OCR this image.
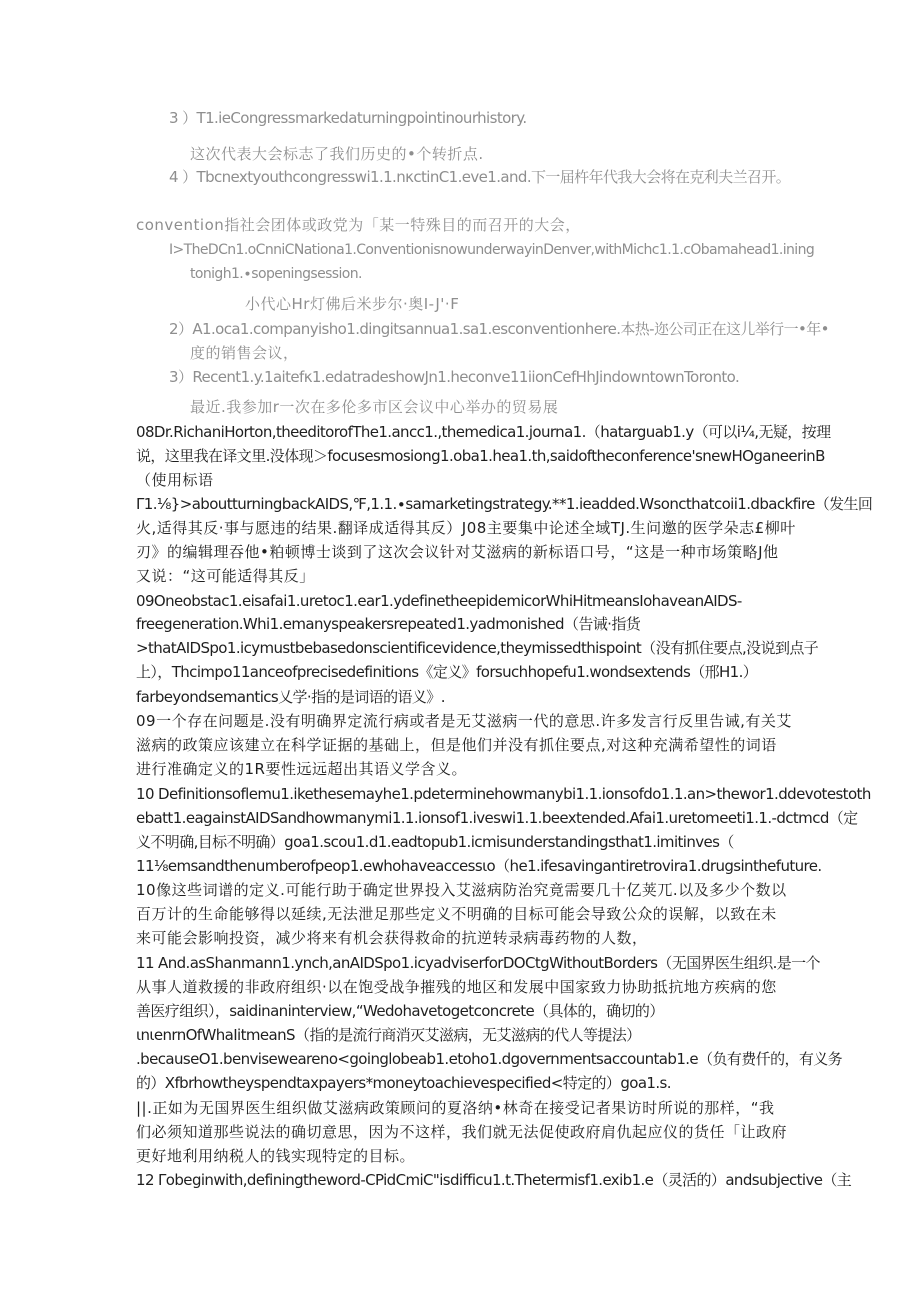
3 ）T1.ieCongressmarkedaturningpointinourhistory.
这次代表大会标志了我们历史的•个转折点.
4 ）Tbcnextyouthcongresswi1.1.nκctinC1.eve1.and.下一届杵年代我大会将在克利夫兰召开。
convention指社会团体或政党为「某一特殊目的而召开的大会，
I>TheDCn1.oCnniCNationa1.ConventionisnowunderwayinDenver,withMichc1.1.cObamahead1.ining
tonigh1.∙sopeningsession.
小代心Hr灯佛后米步尔·奥I-J'·F
2）A1.oca1.companyisho1.dingitsannua1.sa1.esconventionhere.本热-迩公司正在这儿举行一•年•
度的销售会议，
3）Recent1.y.1aitefκ1.edatradeshowJn1.heconve11iionCefHhJindowntownToronto.
最近.我参加r一次在多伦多市区会议中心举办的贸易展
08Dr.RichaniHorton,theeditorofThe1.ancc1.,themedica1.journa1.（hatarguab1.y（可以i¼,无疑，按理
说，这里我在译文里.没体现＞focusesmosiong1.oba1.hea1.th,saidoftheconference'snewHOganeerinB
（使用标语
Γ1.⅛}>aboutturningbackAIDS,℉,1.1.∙samarketingstrategy.**1.ieadded.Wsoncthatcoii1.dbackfire（发生回
火,适得其反·事与愿违的结果.翻译成适得其反）J08主要集中论述全域TJ.生问邀的医学朵志£柳叶
刃》的编辑理吞他•粕顿博士谈到了这次会议针对艾滋病的新标语口号，“这是一种市场策略J他
又说：“这可能适得其反」
09Oneobstac1.eisafai1.uretoc1.ear1.ydefinetheepidemicorWhiHitmeansIohaveanAIDS-
freegeneration.Whi1.emanyspeakersrepeated1.yadmonished（告诫·指货
>thatAIDSpo1.icymustbebasedonscientificevidence,theymissedthispoint（没有抓住要点,没说到点子
上），Thcimpo11anceofprecisedefinitions《定义》forsuchhopefu1.wondsextends（邢H1.）
farbeyondsemantics乂学·指的是词语的语义》.
09一个存在问题是.没有明确界定流行病或者是无艾滋病一代的意思.许多发言行反里告诫,有关艾
滋病的政策应该建立在科学证据的基础上，但是他们并没有抓住要点,对这种充满希望性的词语
进行准确定义的1R要性远远超出其语义学含义。
10 Definitionsoflemu1.ikethesemayhe1.pdeterminehowmanybi1.1.ionsofdo1.1.an>thewor1.ddevotestoth
ebatt1.eagainstAIDSandhowmanymi1.1.ionsof1.iveswi1.1.beextended.Afai1.uretomeeti1.1.-dctmcd（定
义不明确,目标不明确）goa1.scou1.d1.eadtopub1.icmisunderstandingsthat1.imitinves（
11⅛emsandthenumberofpeop1.ewhohaveaccessιo（he1.ifesavingantiretrovira1.drugsinthefuture.
10像这些词谱的定义.可能行助于确定世界投入艾滋病防治究竟需要几十亿荚兀.以及多少个数以
百万计的生命能够得以延续,无法泄足那些定义不明确的目标可能会导致公众的误解，以致在未
来可能会影响投资，减少将来有机会获得救命的抗逆转录病毒药物的人数，
11 And.asShanmann1.ynch,anAIDSpo1.icyadviserforDOCtgWithoutBorders（无国界医生组织.是一个
从事人道救援的非政府组织·以在饱受战争摧残的地区和发展中国家致力协助抵抗地方疾病的您
善医疗组织），saidinaninterview,“Wedohavetogetconcrete（具体的，确切的）
ιnιenrnOfWhaIitmeanS（指的是流行商消灭艾滋病，无艾滋病的代人等提法）
.becauseO1.benvisewearenο<goinglobeab1.etoho1.dgovernmentsaccountab1.e（负有费仟的，有义务
的）Xfbrhowtheyspendtaxpayers*moneytoachievespecified<特定的）goa1.s.
||.正如为无国界医生组织做艾滋病政策顾问的夏洛纳•林奇在接受记者果访时所说的那样，“我
们必须知道那些说法的确切意思，因为不这样，我们就无法促使政府肩仇起应仪的货任「让政府
更好地利用纳税人的钱实现特定的目标。
12 Γobeginwith,definingtheword-CPidCmiC"isdifficu1.t.Thetermisf1.exib1.e（灵活的）andsubjective（主
